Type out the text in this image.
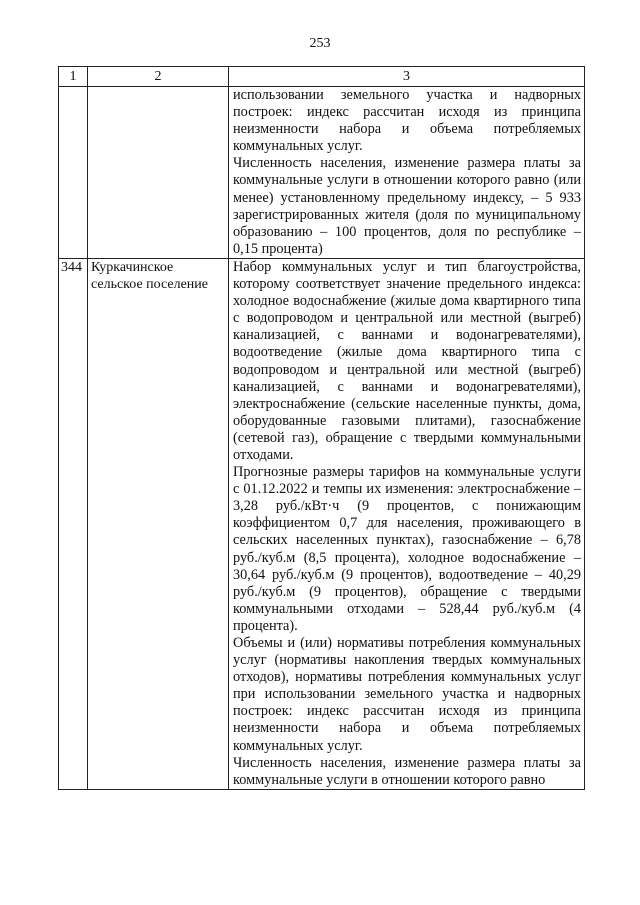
253
1	2	3

		использовании земельного участка и надворных построек: индекс рассчитан исходя из принципа неизменности набора и объема потребляемых коммунальных услуг.

Численность населения, изменение размера платы за коммунальные услуги в отношении которого равно (или менее) установленному предельному индексу, – 5 933 зарегистрированных жителя (доля по муниципальному образованию – 100 процентов, доля по республике – 0,15 процента)

344	Куркачинское сельское поселение	Набор коммунальных услуг и тип благоустройства, которому соответствует значение предельного индекса: холодное водоснабжение (жилые дома квартирного типа с водопроводом и центральной или местной (выгреб) канализацией, с ваннами и водонагревателями), водоотведение (жилые дома квартирного типа с водопроводом и центральной или местной (выгреб) канализацией, с ваннами и водонагревателями), электроснабжение (сельские населенные пункты, дома, оборудованные газовыми плитами), газоснабжение (сетевой газ), обращение с твердыми коммунальными отходами.

Прогнозные размеры тарифов на коммунальные услуги с 01.12.2022 и темпы их изменения: электроснабжение – 3,28 руб./кВт·ч (9 процентов, с понижающим коэффициентом 0,7 для населения, проживающего в сельских населенных пунктах), газоснабжение – 6,78 руб./куб.м (8,5 процента), холодное водоснабжение – 30,64 руб./куб.м (9 процентов), водоотведение – 40,29 руб./куб.м (9 процентов), обращение с твердыми коммунальными отходами – 528,44 руб./куб.м (4 процента).

Объемы и (или) нормативы потребления коммунальных услуг (нормативы накопления твердых коммунальных отходов), нормативы потребления коммунальных услуг при использовании земельного участка и надворных построек: индекс рассчитан исходя из принципа неизменности набора и объема потребляемых коммунальных услуг.

Численность населения, изменение размера платы за коммунальные услуги в отношении которого равно
